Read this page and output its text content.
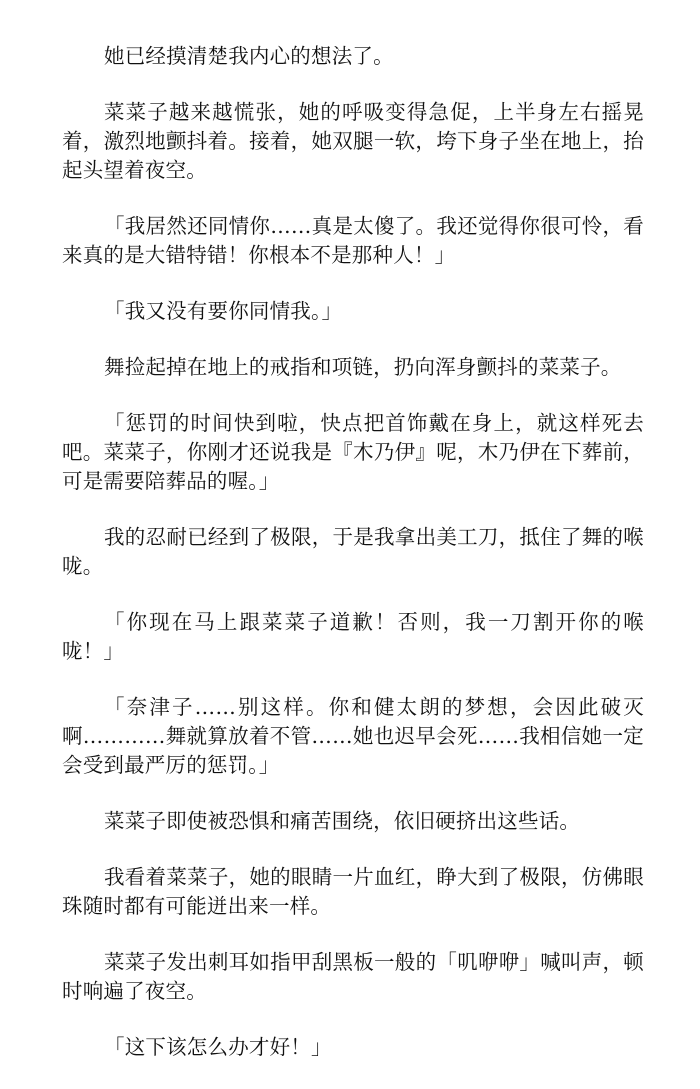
她已经摸清楚我内心的想法了。

菜菜子越来越慌张，她的呼吸变得急促，上半身左右摇晃着，激烈地颤抖着。接着，她双腿一软，垮下身子坐在地上，抬起头望着夜空。

「我居然还同情你……真是太傻了。我还觉得你很可怜，看来真的是大错特错！你根本不是那种人！」

「我又没有要你同情我。」

舞捡起掉在地上的戒指和项链，扔向浑身颤抖的菜菜子。

「惩罚的时间快到啦，快点把首饰戴在身上，就这样死去吧。菜菜子，你刚才还说我是『木乃伊』呢，木乃伊在下葬前，可是需要陪葬品的喔。」

我的忍耐已经到了极限，于是我拿出美工刀，抵住了舞的喉咙。

「你现在马上跟菜菜子道歉！否则，我一刀割开你的喉咙！」

「奈津子……别这样。你和健太朗的梦想，会因此破灭啊…………舞就算放着不管……她也迟早会死……我相信她一定会受到最严厉的惩罚。」

菜菜子即使被恐惧和痛苦围绕，依旧硬挤出这些话。

我看着菜菜子，她的眼睛一片血红，睁大到了极限，仿佛眼珠随时都有可能迸出来一样。

菜菜子发出刺耳如指甲刮黑板一般的「叽咿咿」喊叫声，顿时响遍了夜空。

「这下该怎么办才好！」
